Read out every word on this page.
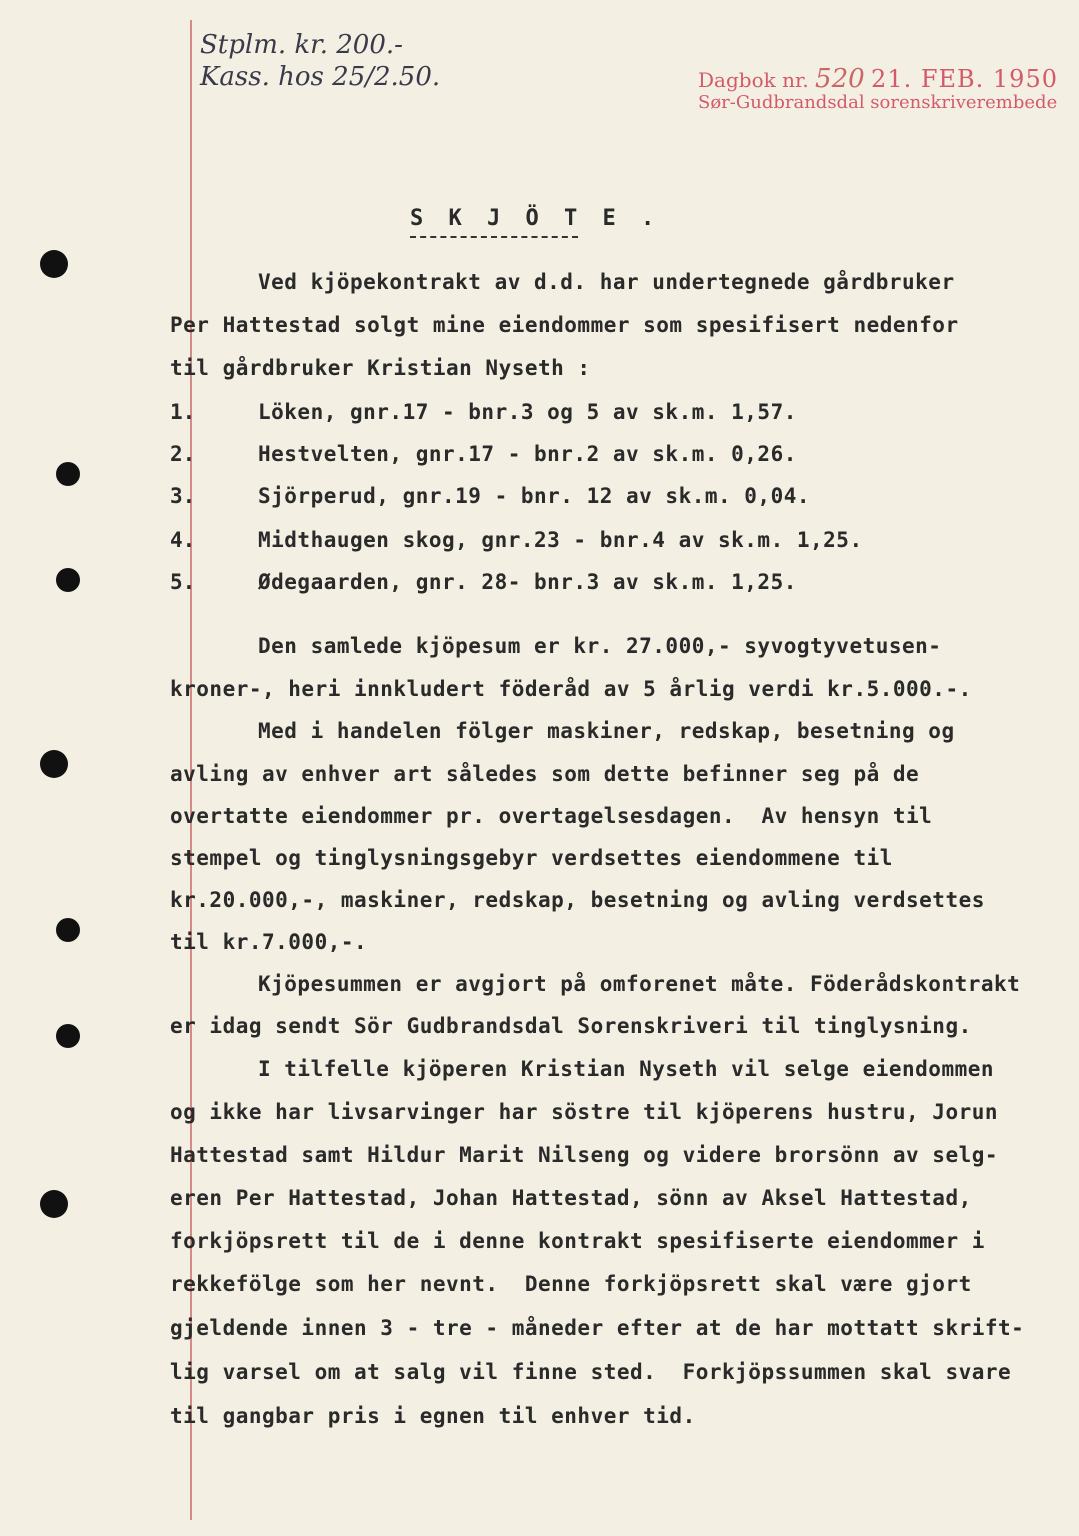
Stplm. kr. 200.-
Kass. hos 25/2.50.	Dagbok nr. 520 21. FEB. 1950
Sør-Gudbrandsdal sorenskriverembede
S K J Ö T E .
Ved kjöpekontrakt av d.d. har undertegnede gårdbruker
Per Hattestad solgt mine eiendommer som spesifisert nedenfor
til gårdbruker Kristian Nyseth :
1.	Löken, gnr.17 - bnr.3 og 5 av sk.m. 1,57.
2.	Hestvelten, gnr.17 - bnr.2 av sk.m. 0,26.
3.	Sjörperud, gnr.19 - bnr. 12 av sk.m. 0,04.
4.	Midthaugen skog, gnr.23 - bnr.4 av sk.m. 1,25.
5.	Ødegaarden, gnr. 28- bnr.3 av sk.m. 1,25.
Den samlede kjöpesum er kr. 27.000,- syvogtyvetusen-
kroner-, heri innkludert föderåd av 5 årlig verdi kr.5.000.-.
Med i handelen fölger maskiner, redskap, besetning og
avling av enhver art således som dette befinner seg på de
overtatte eiendommer pr. overtagelsesdagen.  Av hensyn til
stempel og tinglysningsgebyr verdsettes eiendommene til
kr.20.000,-, maskiner, redskap, besetning og avling verdsettes
til kr.7.000,-.
Kjöpesummen er avgjort på omforenet måte. Föderådskontrakt
er idag sendt Sör Gudbrandsdal Sorenskriveri til tinglysning.
I tilfelle kjöperen Kristian Nyseth vil selge eiendommen
og ikke har livsarvinger har söstre til kjöperens hustru, Jorun
Hattestad samt Hildur Marit Nilseng og videre brorsönn av selg-
eren Per Hattestad, Johan Hattestad, sönn av Aksel Hattestad,
forkjöpsrett til de i denne kontrakt spesifiserte eiendommer i
rekkefölge som her nevnt.  Denne forkjöpsrett skal være gjort
gjeldende innen 3 - tre - måneder efter at de har mottatt skrift-
lig varsel om at salg vil finne sted.  Forkjöpssummen skal svare
til gangbar pris i egnen til enhver tid.
